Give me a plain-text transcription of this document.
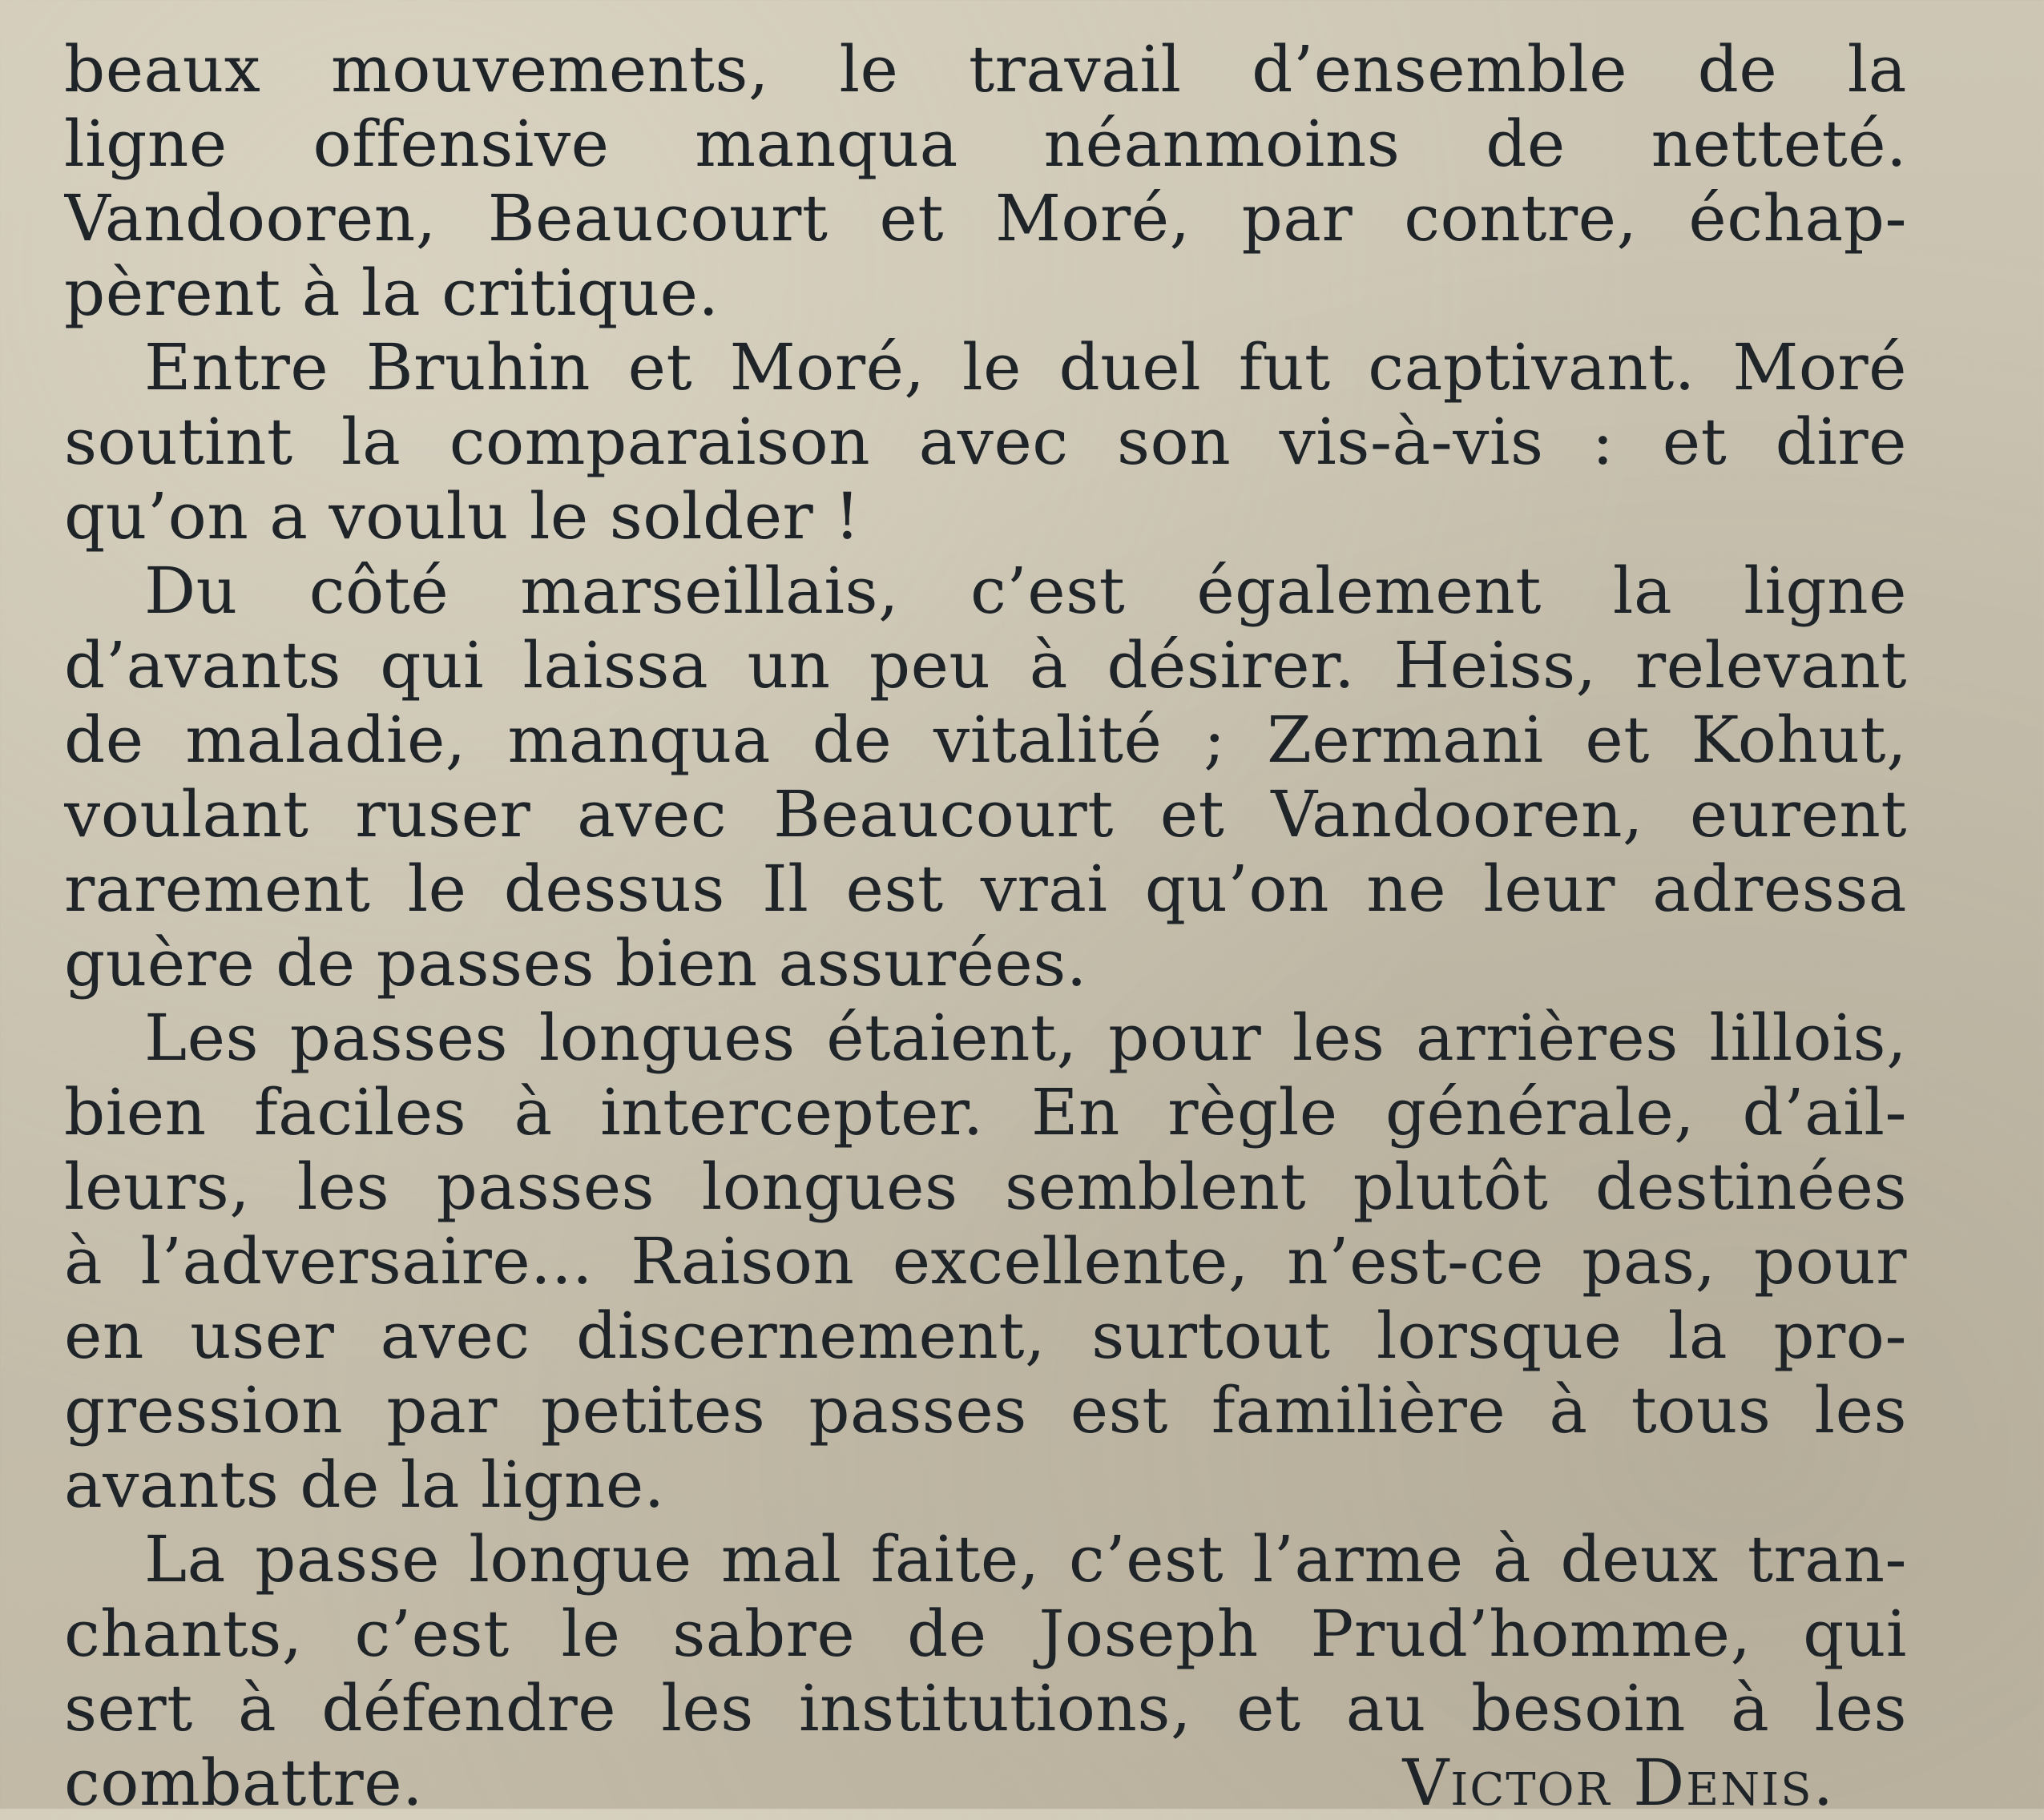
beaux mouvements, le travail d’ensemble de la
ligne offensive manqua néanmoins de netteté.
Vandooren, Beaucourt et Moré, par contre, échap-
pèrent à la critique.

Entre Bruhin et Moré, le duel fut captivant. Moré
soutint la comparaison avec son vis-à-vis : et dire
qu’on a voulu le solder !

Du côté marseillais, c’est également la ligne
d’avants qui laissa un peu à désirer. Heiss, relevant
de maladie, manqua de vitalité ; Zermani et Kohut,
voulant ruser avec Beaucourt et Vandooren, eurent
rarement le dessus Il est vrai qu’on ne leur adressa
guère de passes bien assurées.

Les passes longues étaient, pour les arrières lillois,
bien faciles à intercepter. En règle générale, d’ail-
leurs, les passes longues semblent plutôt destinées
à l’adversaire... Raison excellente, n’est-ce pas, pour
en user avec discernement, surtout lorsque la pro-
gression par petites passes est familière à tous les
avants de la ligne.

La passe longue mal faite, c’est l’arme à deux tran-
chants, c’est le sabre de Joseph Prud’homme, qui
sert à défendre les institutions, et au besoin à les

combattre.	Victor Denis.
